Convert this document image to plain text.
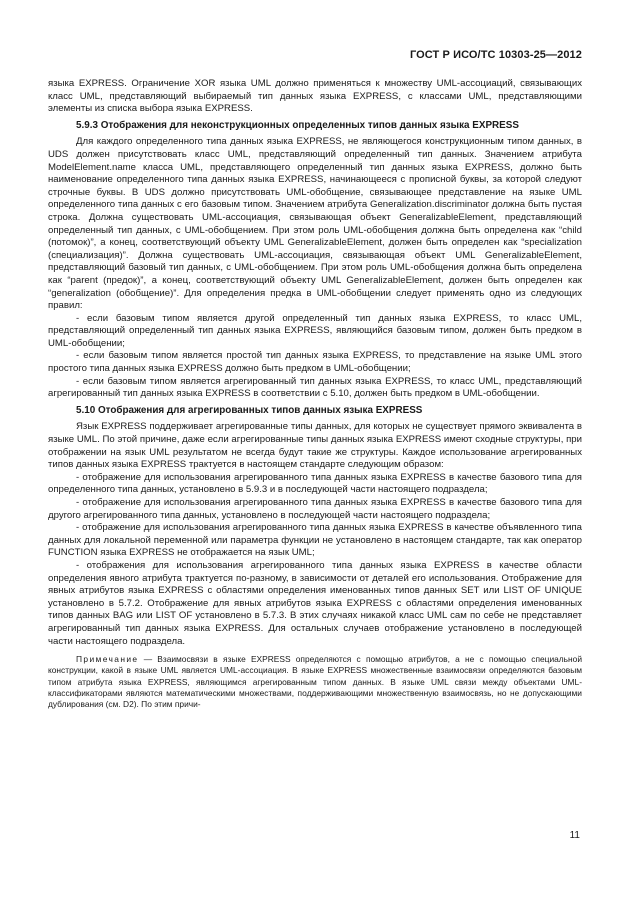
ГОСТ Р ИСО/ТС 10303-25—2012

языка EXPRESS. Ограничение XOR языка UML должно применяться к множеству UML-ассоциаций, связывающих класс UML, представляющий выбираемый тип данных языка EXPRESS, с классами UML, представляющими элементы из списка выбора языка EXPRESS.

5.9.3 Отображения для неконструкционных определенных типов данных языка EXPRESS

Для каждого определенного типа данных языка EXPRESS, не являющегося конструкционным типом данных, в UDS должен присутствовать класс UML, представляющий определенный тип данных. Значением атрибута ModelElement.name класса UML, представляющего определенный тип данных языка EXPRESS, должно быть наименование определенного типа данных языка EXPRESS, начинающееся с прописной буквы, за которой следуют строчные буквы. В UDS должно присутствовать UML-обобщение, связывающее представление на языке UML определенного типа данных с его базовым типом. Значением атрибута Generalization.discriminator должна быть пустая строка. Должна существовать UML-ассоциация, связывающая объект GeneralizableElement, представляющий определенный тип данных, с UML-обобщением. При этом роль UML-обобщения должна быть определена как “child (потомок)”, а конец, соответствующий объекту UML GeneralizableElement, должен быть определен как “specialization (специализация)”. Должна существовать UML-ассоциация, связывающая объект UML GeneralizableElement, представляющий базовый тип данных, с UML-обобщением. При этом роль UML-обобщения должна быть определена как “parent (предок)”, а конец, соответствующий объекту UML GeneralizableElement, должен быть определен как “generalization (обобщение)”. Для определения предка в UML-обобщении следует применять одно из следующих правил:

- если базовым типом является другой определенный тип данных языка EXPRESS, то класс UML, представляющий определенный тип данных языка EXPRESS, являющийся базовым типом, должен быть предком в UML-обобщении;

- если базовым типом является простой тип данных языка EXPRESS, то представление на языке UML этого простого типа данных языка EXPRESS должно быть предком в UML-обобщении;

- если базовым типом является агрегированный тип данных языка EXPRESS, то класс UML, представляющий агрегированный тип данных языка EXPRESS в соответствии с 5.10, должен быть предком в UML-обобщении.

5.10 Отображения для агрегированных типов данных языка EXPRESS

Язык EXPRESS поддерживает агрегированные типы данных, для которых не существует прямого эквивалента в языке UML. По этой причине, даже если агрегированные типы данных языка EXPRESS имеют сходные структуры, при отображении на язык UML результатом не всегда будут такие же структуры. Каждое использование агрегированных типов данных языка EXPRESS трактуется в настоящем стандарте следующим образом:

- отображение для использования агрегированного типа данных языка EXPRESS в качестве базового типа для определенного типа данных, установлено в 5.9.3 и в последующей части настоящего подраздела;

- отображение для использования агрегированного типа данных языка EXPRESS в качестве базового типа для другого агрегированного типа данных, установлено в последующей части настоящего подраздела;

- отображение для использования агрегированного типа данных языка EXPRESS в качестве объявленного типа данных для локальной переменной или параметра функции не установлено в настоящем стандарте, так как оператор FUNCTION языка EXPRESS не отображается на язык UML;

- отображения для использования агрегированного типа данных языка EXPRESS в качестве области определения явного атрибута трактуется по-разному, в зависимости от деталей его использования. Отображение для явных атрибутов языка EXPRESS с областями определения именованных типов данных SET или LIST OF UNIQUE установлено в 5.7.2. Отображение для явных атрибутов языка EXPRESS с областями определения именованных типов данных BAG или LIST OF установлено в 5.7.3. В этих случаях никакой класс UML сам по себе не представляет агрегированный тип данных языка EXPRESS. Для остальных случаев отображение установлено в последующей части настоящего подраздела.

Примечание — Взаимосвязи в языке EXPRESS определяются с помощью атрибутов, а не с помощью специальной конструкции, какой в языке UML является UML-ассоциация. В языке EXPRESS множественные взаимосвязи определяются базовым типом атрибута языка EXPRESS, являющимся агрегированным типом данных. В языке UML связи между объектами UML-классификаторами являются математическими множествами, поддерживающими множественную взаимосвязь, но не допускающими дублирования (см. D2). По этим причи-

11
